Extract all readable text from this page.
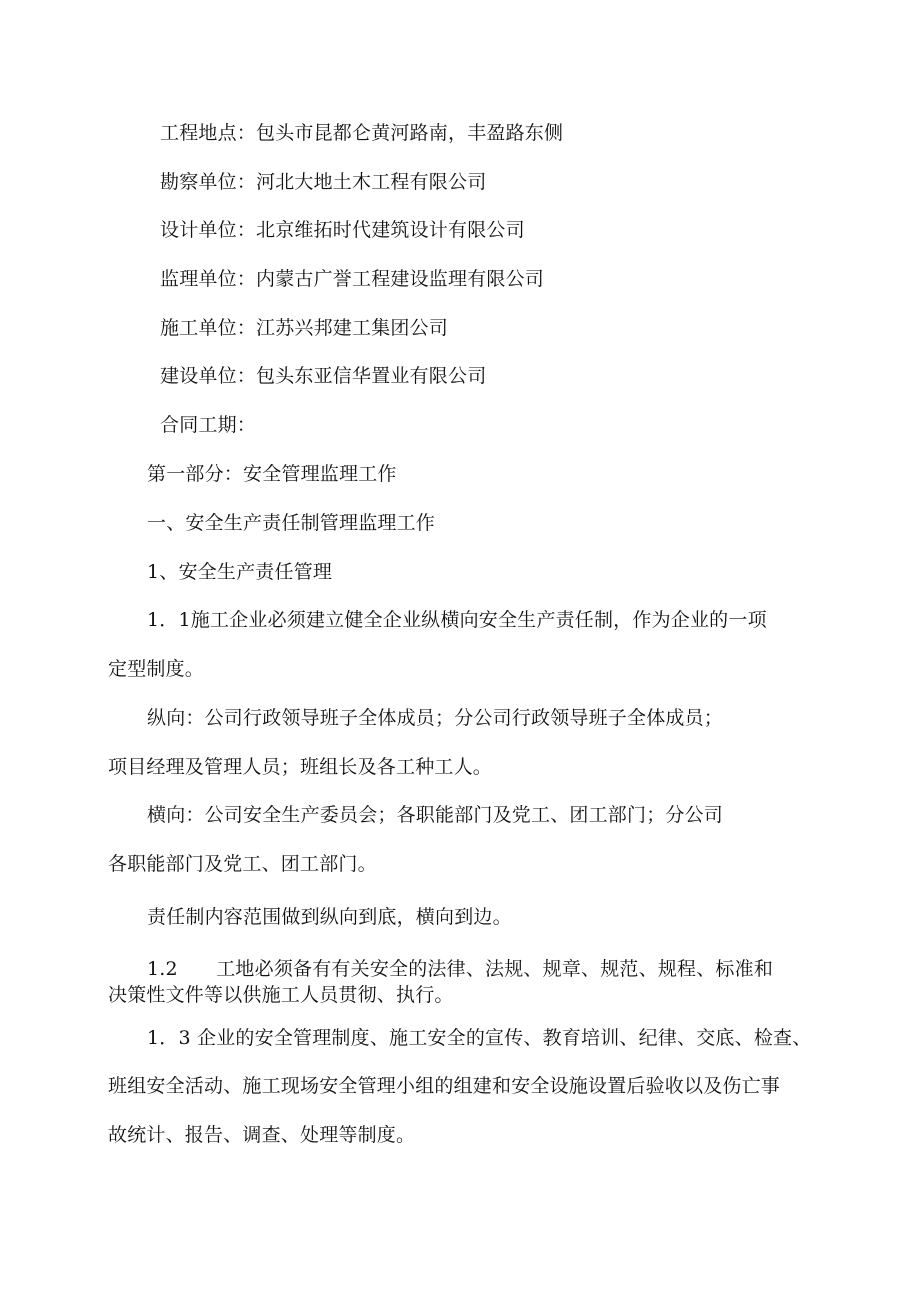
工程地点：包头市昆都仑黄河路南，丰盈路东侧
勘察单位：河北大地土木工程有限公司
设计单位：北京维拓时代建筑设计有限公司
监理单位：内蒙古广誉工程建设监理有限公司
施工单位：江苏兴邦建工集团公司
建设单位：包头东亚信华置业有限公司
合同工期：
第一部分：安全管理监理工作
一、安全生产责任制管理监理工作
1、安全生产责任管理
1．1施工企业必须建立健全企业纵横向安全生产责任制，作为企业的一项
定型制度。
纵向：公司行政领导班子全体成员；分公司行政领导班子全体成员；
项目经理及管理人员；班组长及各工种工人。
横向：公司安全生产委员会；各职能部门及党工、团工部门；分公司
各职能部门及党工、团工部门。
责任制内容范围做到纵向到底，横向到边。
1.2　　工地必须备有有关安全的法律、法规、规章、规范、规程、标准和
决策性文件等以供施工人员贯彻、执行。
1．3 企业的安全管理制度、施工安全的宣传、教育培训、纪律、交底、检查、
班组安全活动、施工现场安全管理小组的组建和安全设施设置后验收以及伤亡事
故统计、报告、调查、处理等制度。
